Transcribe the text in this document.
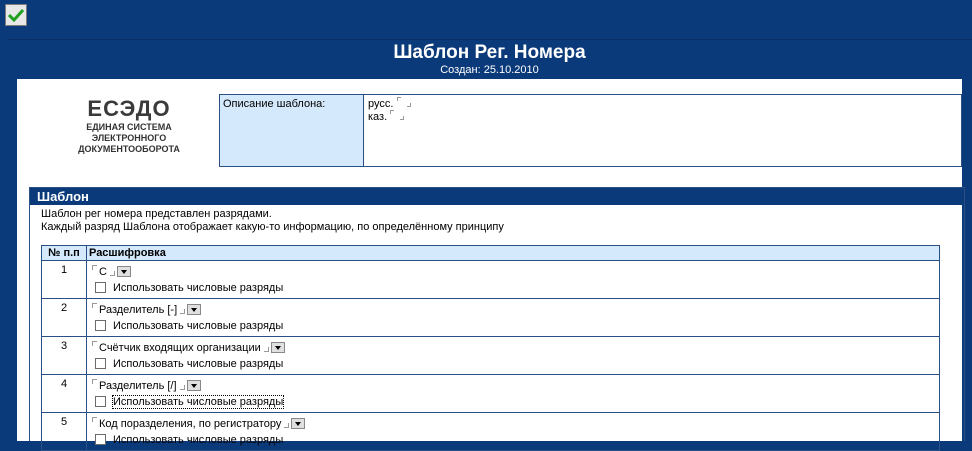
Шаблон Рег. Номера
Создан: 25.10.2010
ЕСЭДО
ЕДИНАЯ СИСТЕМА
ЭЛЕКТРОННОГО
ДОКУМЕНТООБОРОТА
Описание шаблона:	русс.
каз.
Шаблон
Шаблон рег номера представлен разрядами.
Каждый разряд Шаблона отображает какую-то информацию, по определённому принципу
№ п.п	Расшифровка
1	С
Использовать числовые разряды

2	Разделитель [-]
Использовать числовые разряды

3	Счётчик входящих организации
Использовать числовые разряды

4	Разделитель [/]
Использовать числовые разряды

5	Код поразделения, по регистратору
Использовать числовые разряды
